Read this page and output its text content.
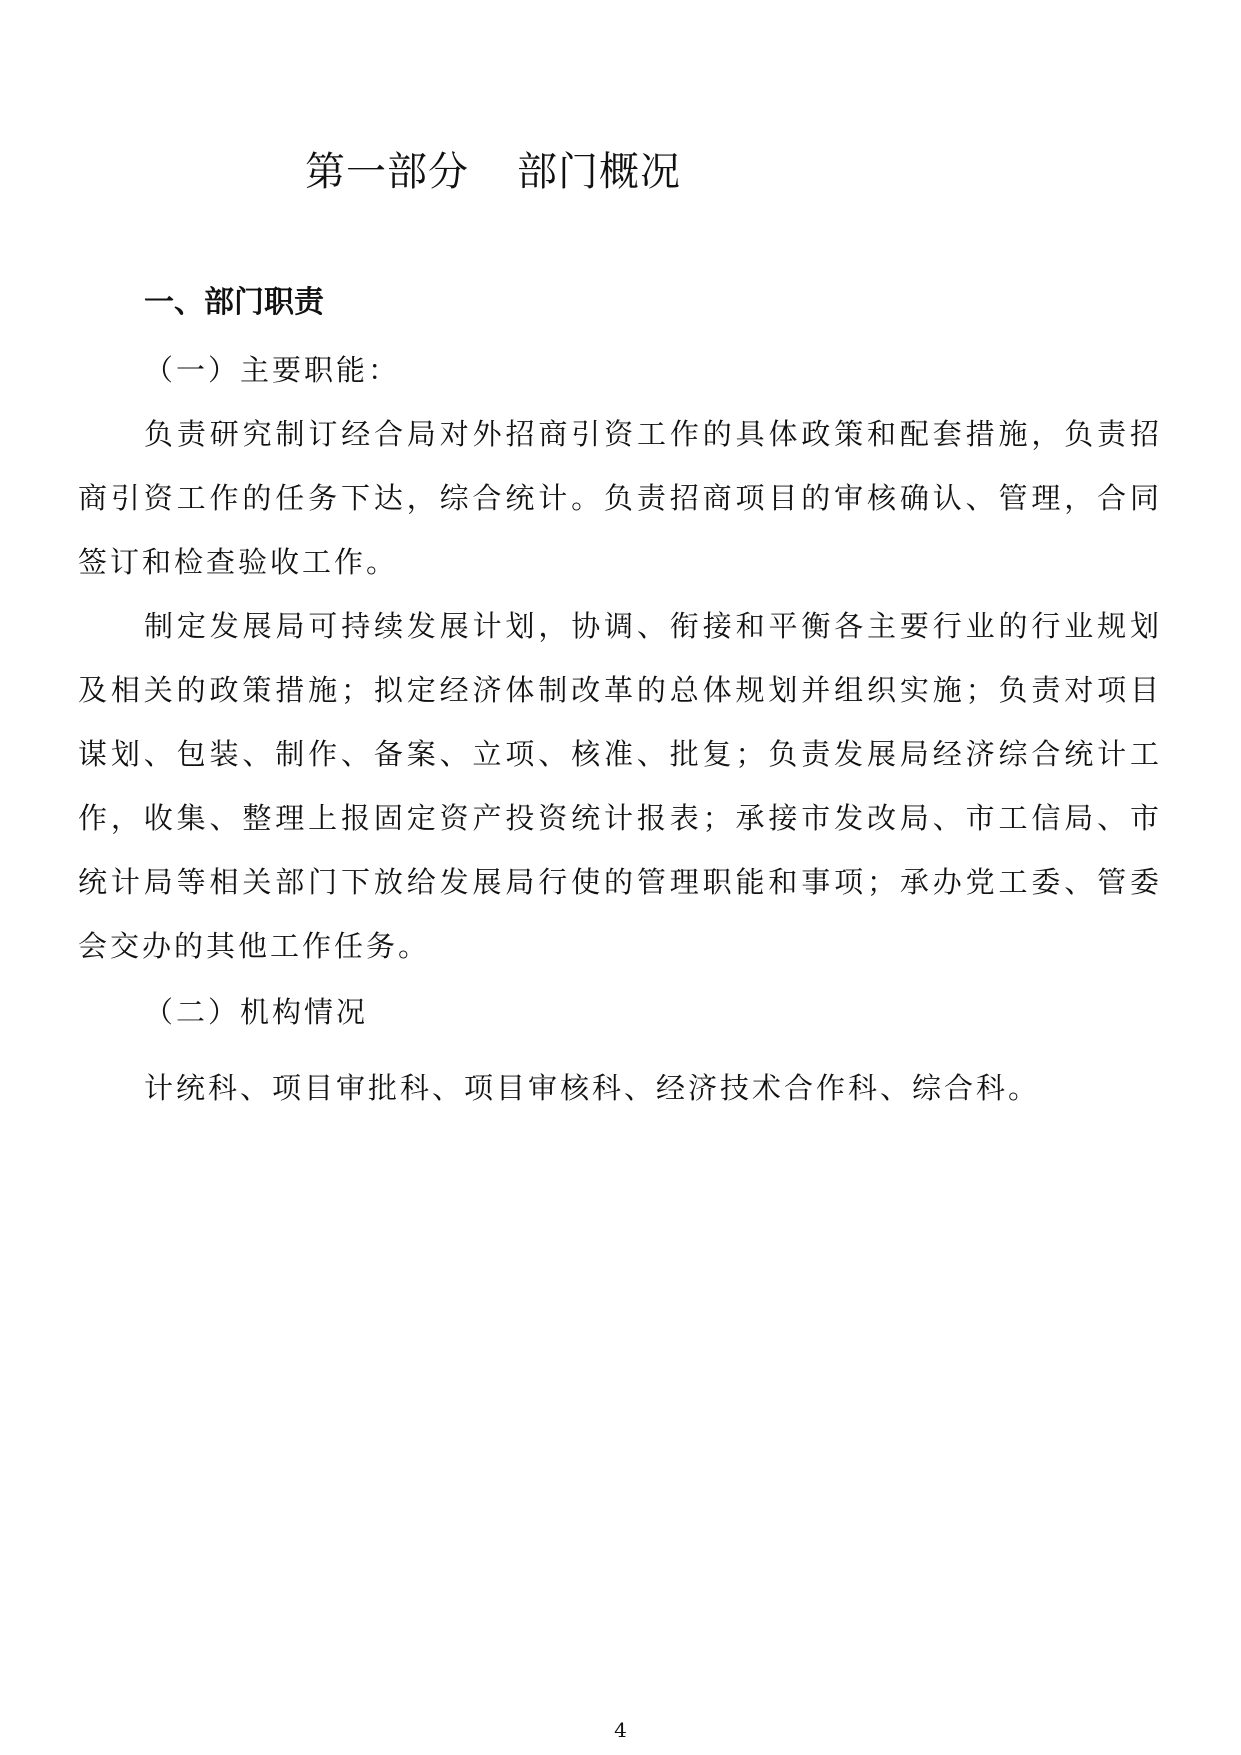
第一部分 部门概况
一、部门职责
（一）主要职能：

负责研究制订经合局对外招商引资工作的具体政策和配套措施，负责招商引资工作的任务下达，综合统计。负责招商项目的审核确认、管理，合同签订和检查验收工作。

制定发展局可持续发展计划，协调、衔接和平衡各主要行业的行业规划及相关的政策措施；拟定经济体制改革的总体规划并组织实施；负责对项目谋划、包装、制作、备案、立项、核准、批复；负责发展局经济综合统计工作，收集、整理上报固定资产投资统计报表；承接市发改局、市工信局、市统计局等相关部门下放给发展局行使的管理职能和事项；承办党工委、管委会交办的其他工作任务。

（二）机构情况

计统科、项目审批科、项目审核科、经济技术合作科、综合科。

4
